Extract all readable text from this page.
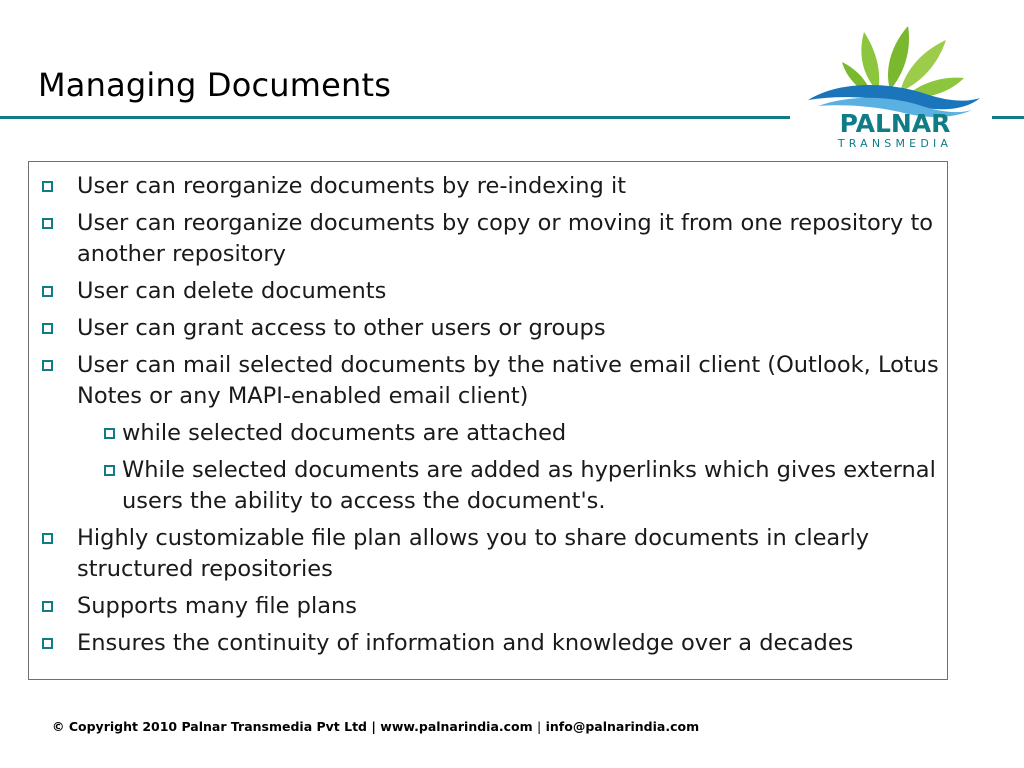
Managing Documents
PALNAR
TRANSMEDIA
User can reorganize documents by re-indexing it
User can reorganize documents by copy or moving it from one repository to another repository
User can delete documents
User can grant access to other users or groups
User can mail selected documents by the native email client (Outlook, Lotus Notes or any MAPI-enabled email client)
while selected documents are attached
While selected documents are added as hyperlinks which gives external users the ability to access the document's.
Highly customizable file plan allows you to share documents in clearly structured repositories
Supports many file plans
Ensures the continuity of information and knowledge over a decades
© Copyright 2010 Palnar Transmedia Pvt Ltd | www.palnarindia.com | info@palnarindia.com
